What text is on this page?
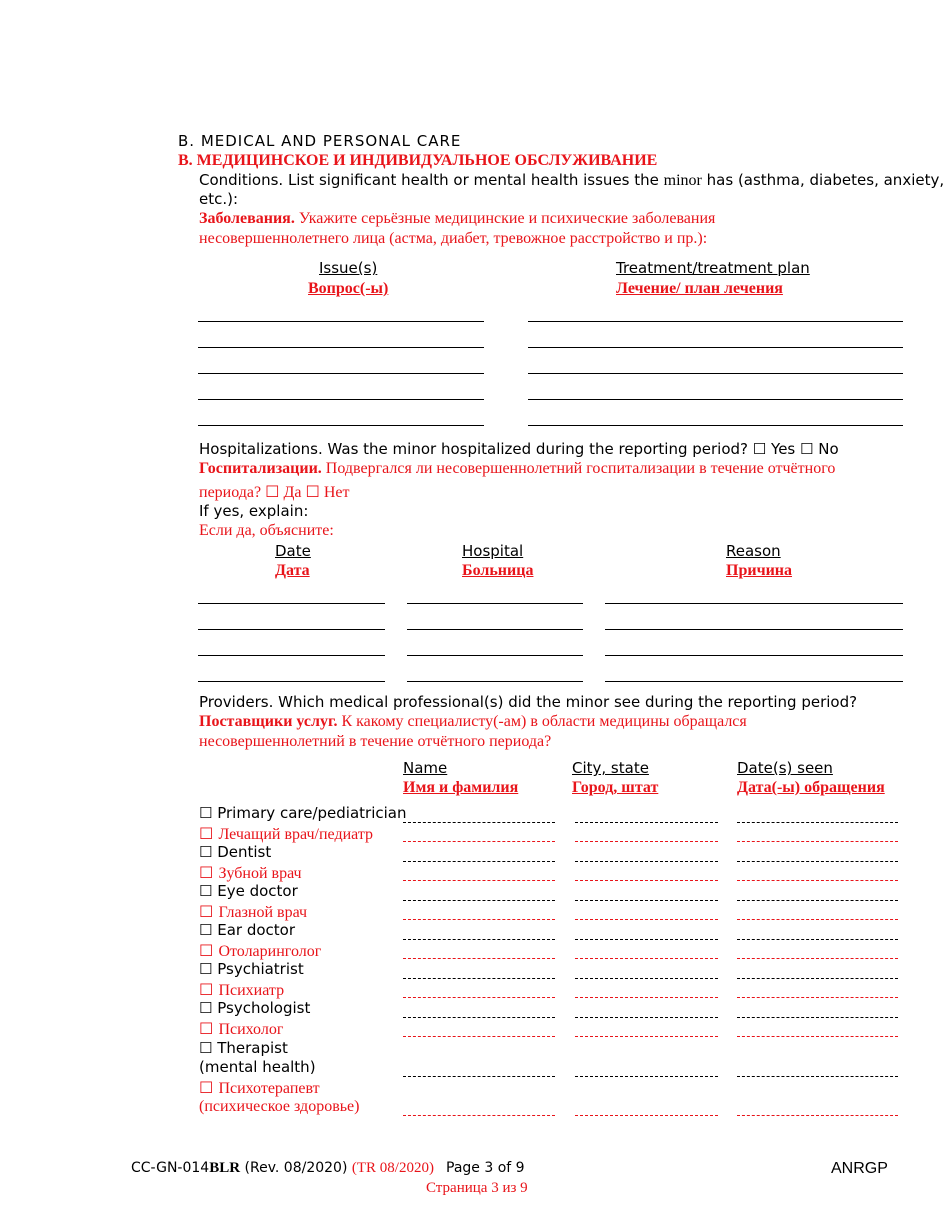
B. MEDICAL AND PERSONAL CARE
B. МЕДИЦИНСКОЕ И ИНДИВИДУАЛЬНОЕ ОБСЛУЖИВАНИЕ
Conditions. List significant health or mental health issues the minor has (asthma, diabetes, anxiety,
etc.):
Заболевания. Укажите серьёзные медицинские и психические заболевания
несовершеннолетнего лица (астма, диабет, тревожное расстройство и пр.):
Issue(s)
Вопрос(-ы)
Treatment/treatment plan
Лечение/ план лечения
Hospitalizations. Was the minor hospitalized during the reporting period? ☐ Yes ☐ No
Госпитализации. Подвергался ли несовершеннолетний госпитализации в течение отчётного
периода? ☐ Да ☐ Нет
If yes, explain:
Если да, объясните:
Date
Дата
Hospital
Больница
Reason
Причина
Providers. Which medical professional(s) did the minor see during the reporting period?
Поставщики услуг. К какому специалисту(-ам) в области медицины обращался
несовершеннолетний в течение отчётного периода?
Name
Имя и фамилия
City, state
Город, штат
Date(s) seen
Дата(-ы) обращения
☐ Primary care/pediatrician
☐ Лечащий врач/педиатр
☐ Dentist
☐ Зубной врач
☐ Eye doctor
☐ Глазной врач
☐ Ear doctor
☐ Отоларинголог
☐ Psychiatrist
☐ Психиатр
☐ Psychologist
☐ Психолог
☐ Therapist
(mental health)
☐ Психотерапевт
(психическое здоровье)
CC-GN-014BLR (Rev. 08/2020) (TR 08/2020) Page 3 of 9
Страница 3 из 9
ANRGP
